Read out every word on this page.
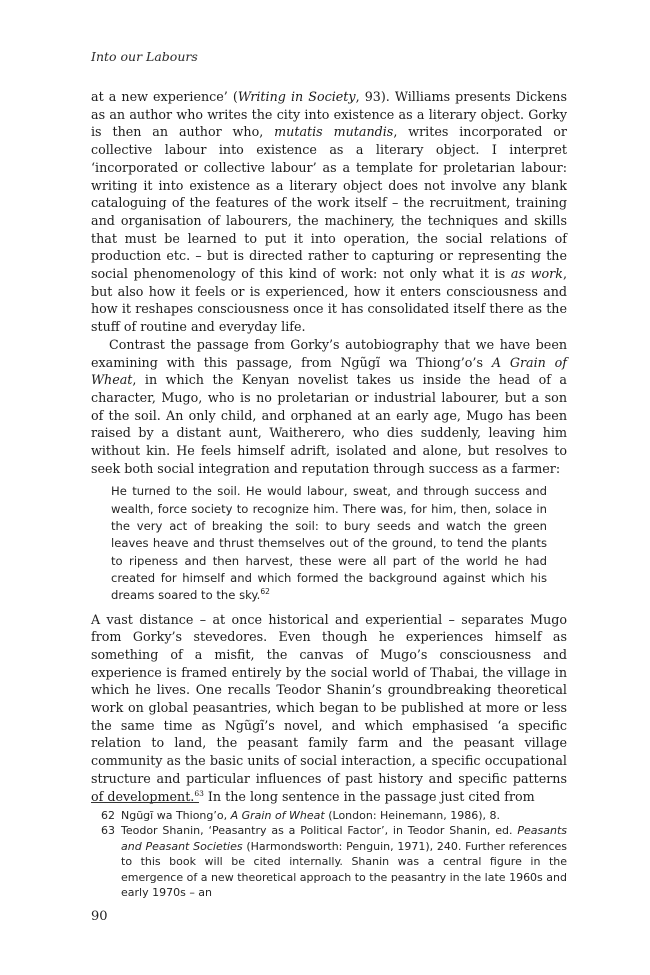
Into our Labours

at a new experience’ (Writing in Society, 93). Williams presents Dickens as an author who writes the city into existence as a literary object. Gorky is then an author who, mutatis mutandis, writes incorporated or collective labour into existence as a literary object. I interpret ‘incorporated or collective labour’ as a template for proletarian labour: writing it into existence as a literary object does not involve any blank cataloguing of the features of the work itself – the recruitment, training and organisation of labourers, the machinery, the techniques and skills that must be learned to put it into operation, the social relations of production etc. – but is directed rather to capturing or representing the social phenomenology of this kind of work: not only what it is as work, but also how it feels or is experienced, how it enters consciousness and how it reshapes consciousness once it has consolidated itself there as the stuff of routine and everyday life.

Contrast the passage from Gorky’s autobiography that we have been examining with this passage, from Ngũgĩ wa Thiong’o’s A Grain of Wheat, in which the Kenyan novelist takes us inside the head of a character, Mugo, who is no proletarian or industrial labourer, but a son of the soil. An only child, and orphaned at an early age, Mugo has been raised by a distant aunt, Waitherero, who dies suddenly, leaving him without kin. He feels himself adrift, isolated and alone, but resolves to seek both social integration and reputation through success as a farmer:

He turned to the soil. He would labour, sweat, and through success and wealth, force society to recognize him. There was, for him, then, solace in the very act of breaking the soil: to bury seeds and watch the green leaves heave and thrust themselves out of the ground, to tend the plants to ripeness and then harvest, these were all part of the world he had created for himself and which formed the background against which his dreams soared to the sky.$^{62}$

A vast distance – at once historical and experiential – separates Mugo from Gorky’s stevedores. Even though he experiences himself as something of a misfit, the canvas of Mugo’s consciousness and experience is framed entirely by the social world of Thabai, the village in which he lives. One recalls Teodor Shanin’s groundbreaking theoretical work on global peasantries, which began to be published at more or less the same time as Ngũgĩ’s novel, and which emphasised ‘a specific relation to land, the peasant family farm and the peasant village community as the basic units of social interaction, a specific occupational structure and particular influences of past history and specific patterns of development.$^{63}$ In the long sentence in the passage just cited from

62 Ngũgĩ wa Thiong’o, A Grain of Wheat (London: Heinemann, 1986), 8.
63 Teodor Shanin, ‘Peasantry as a Political Factor’, in Teodor Shanin, ed. Peasants and Peasant Societies (Harmondsworth: Penguin, 1971), 240. Further references to this book will be cited internally. Shanin was a central figure in the emergence of a new theoretical approach to the peasantry in the late 1960s and early 1970s – an
90
